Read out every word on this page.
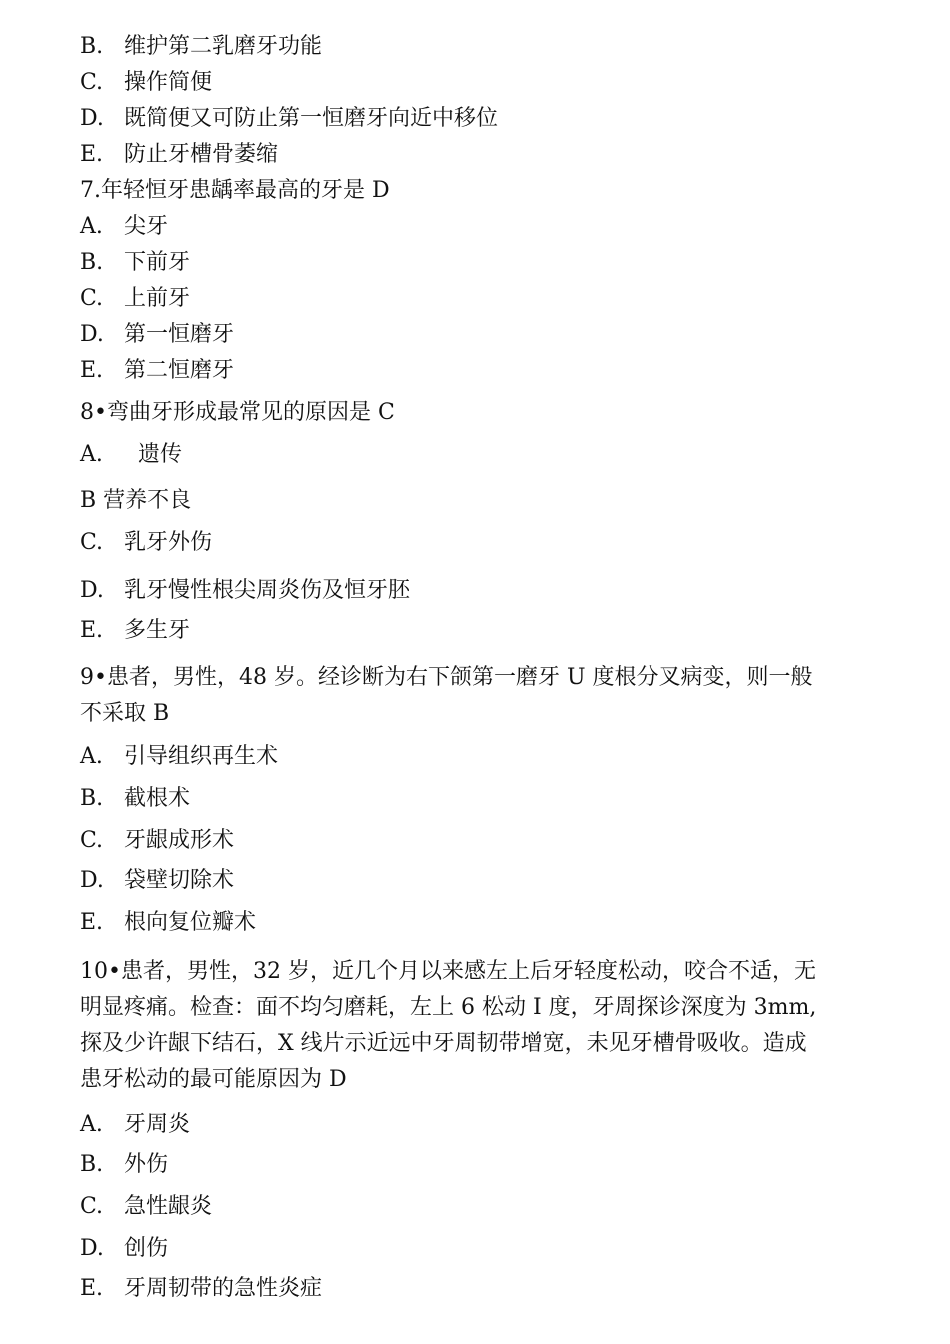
B. 维护第二乳磨牙功能
C. 操作简便
D. 既简便又可防止第一恒磨牙向近中移位
E. 防止牙槽骨萎缩
7.年轻恒牙患龋率最高的牙是 D
A. 尖牙
B. 下前牙
C. 上前牙
D. 第一恒磨牙
E. 第二恒磨牙
8•弯曲牙形成最常见的原因是 C
A. 遗传
B 营养不良
C. 乳牙外伤
D. 乳牙慢性根尖周炎伤及恒牙胚
E. 多生牙
9•患者，男性，48 岁。经诊断为右下颌第一磨牙 U 度根分叉病变，则一般
不采取 B
A. 引导组织再生术
B. 截根术
C. 牙龈成形术
D. 袋壁切除术
E. 根向复位瓣术
10•患者，男性，32 岁，近几个月以来感左上后牙轻度松动，咬合不适，无
明显疼痛。检查：面不均匀磨耗，左上 6 松动 I 度，牙周探诊深度为 3mm,
探及少许龈下结石，X 线片示近远中牙周韧带增宽，未见牙槽骨吸收。造成
患牙松动的最可能原因为 D
A. 牙周炎
B. 外伤
C. 急性龈炎
D. 创伤
E. 牙周韧带的急性炎症
